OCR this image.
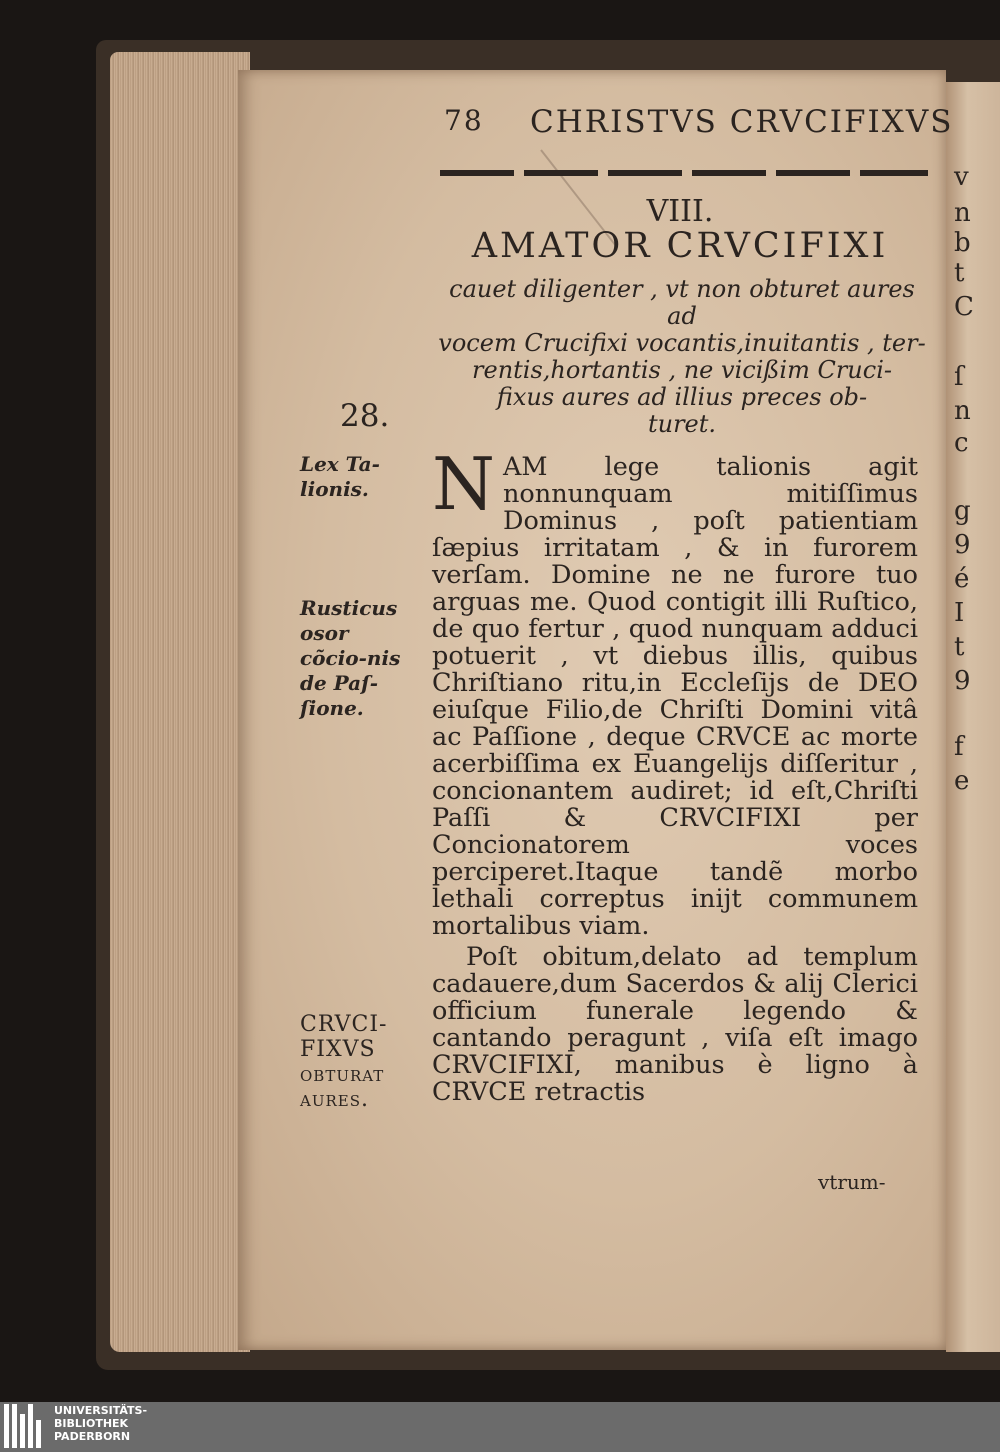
v
n
b
t
C
ſ
n
c
g
9
é
I
t
9
f
e
78 CHRISTVS CRVCIFIXVS
VIII.
AMATOR CRVCIFIXI
cauet diligenter , vt non obturet aures ad
vocem Crucifixi vocantis,inuitantis , ter-
rentis,hortantis , ne vicißim Cruci-
fixus aures ad illius preces ob-
turet.
28.
Lex Ta-lionis.
Rusticus osor cõcio-nis de Paſ-ſione.
CRVCI-FIXVS obturat aures.

NAM lege talionis agit nonnunquam mitiſſimus Dominus , poſt patientiam ſæpius irritatam , & in furorem verſam. Domine ne ne furore tuo arguas me. Quod contigit illi Ruſtico, de quo fertur , quod nunquam adduci potuerit , vt diebus illis, quibus Chriſtiano ritu,in Eccleſijs de DEO eiuſque Filio,de Chriſti Domini vitâ ac Paſſione , deque CRVCE ac morte acerbiſſima ex Euangelijs diſſeritur , concionantem audiret; id eſt,Chriſti Paſſi & CRVCIFIXI per Concionatorem voces perciperet.Itaque tandẽ morbo lethali correptus inijt communem mortalibus viam.

Poſt obitum,delato ad templum cadauere,dum Sacerdos & alij Clerici officium funerale legendo & cantando peragunt , viſa eſt imago CRVCIFIXI, manibus è ligno à CRVCE retractis

vtrum-
UNIVERSITÄTS-
BIBLIOTHEK
PADERBORN
